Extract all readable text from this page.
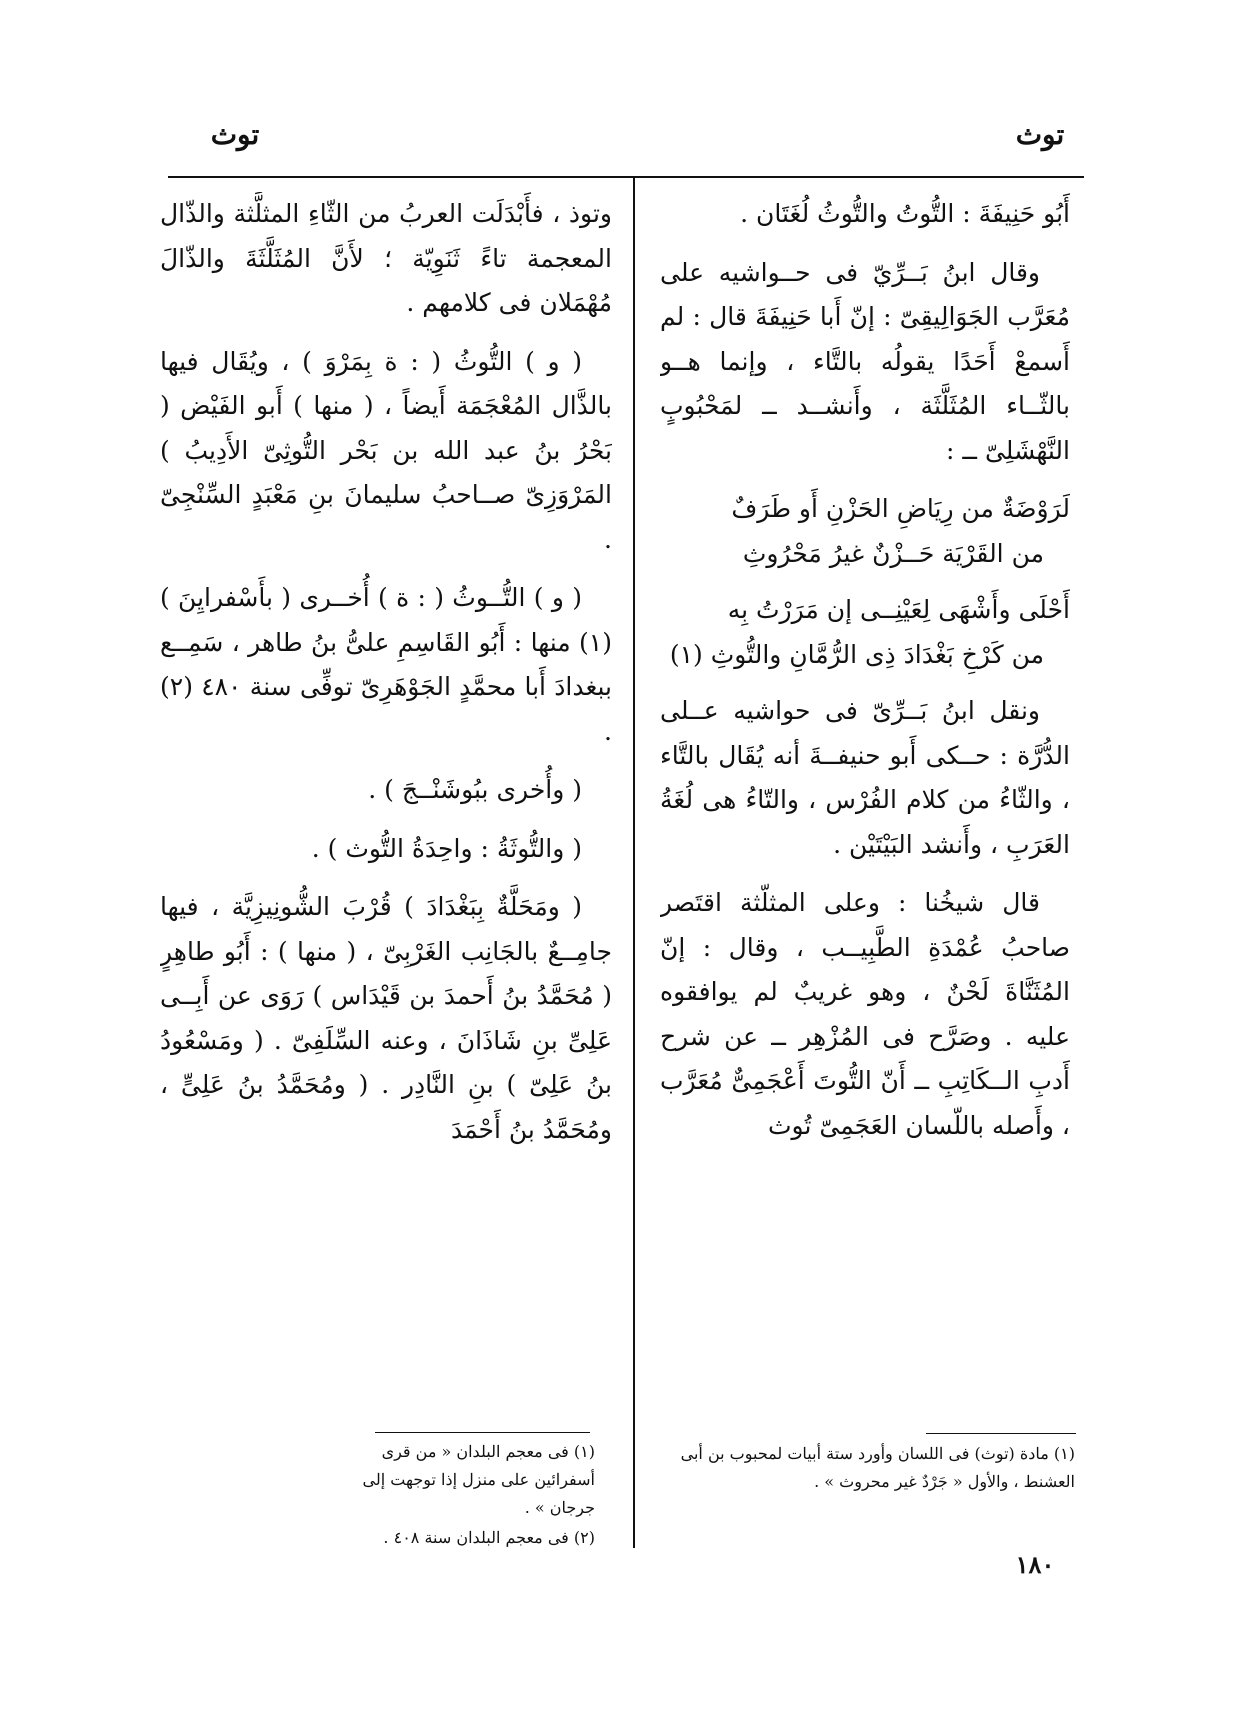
توث
توث

أَبُو حَنِيفَةَ : التُّوتُ والتُّوثُ لُغَتَان .

وقال ابنُ بَــرِّيّ فى حــواشيه على مُعَرَّب الجَوَالِيقِىّ : إنّ أَبا حَنِيفَةَ قال : لم أَسمعْ أَحَدًا يقولُه بالتَّاء ، وإنما هــو بالثّــاء المُثَلَّثَة ، وأَنشــد ــ لمَحْبُوبٍ النَّهْشَلِىّ ــ :

لَرَوْضَةٌ من رِيَاضِ الحَزْنِ أَو طَرَفٌ
من القَرْيَة حَــزْنٌ غيرُ مَحْرُوثِ
أَحْلَى وأَشْهَى لِعَيْنِــى إن مَرَرْتُ بِه
من كَرْخِ بَغْدَادَ ذِى الرُّمَّانِ والتُّوثِ (١)

ونقل ابنُ بَــرِّىّ فى حواشيه عــلى الدُّرَّة : حــكى أَبو حنيفــةَ أنه يُقَال بالتَّاء ، والثّاءُ من كلام الفُرْس ، والتّاءُ هى لُغَةُ العَرَبِ ، وأَنشد البَيْتَيْن .

قال شيخُنا : وعلى المثلّثة اقتَصر صاحبُ عُمْدَةِ الطَّبِيــب ، وقال : إنّ المُثَنَّاةَ لَحْنٌ ، وهو غريبٌ لم يوافقوه عليه . وصَرَّح فى المُزْهِر ــ عن شرح أَدبِ الــكَاتِبِ ــ أَنّ التُّوتَ أَعْجَمِىٌّ مُعَرَّب ، وأَصله باللّسان العَجَمِىّ تُوث

وتوذ ، فأَبْدَلَت العربُ من الثّاءِ المثلَّثة والذّال المعجمة تاءً ثَنَوِيّة ؛ لأَنَّ المُثَلَّثَةَ والذّالَ مُهْمَلان فى كلامهم .

( و ) التُّوثُ ( : ة بِمَرْوَ ) ، ويُقَال فيها بالذَّال المُعْجَمَة أَيضاً ، ( منها ) أَبو الفَيْض ( بَحْرُ بنُ عبد الله بن بَحْر التُّوثِىّ الأَدِيبُ ) المَرْوَزِىّ صــاحبُ سليمانَ بنِ مَعْبَدٍ السِّنْجِىّ .

( و ) التُّــوثُ ( : ة ) أُخــرى ( بأَسْفرايِنَ ) (١) منها : أَبُو القَاسِمِ علىُّ بنُ طاهر ، سَمِــع ببغدادَ أَبا محمَّدٍ الجَوْهَرِىّ توفِّى سنة ٤٨٠ (٢) .

( وأُخرى ببُوشَنْــجَ ) .

( والتُّوثَةُ : واحِدَةُ التُّوث ) .

( ومَحَلَّةٌ بِبَغْدَادَ ) قُرْبَ الشُّونِيزِيَّة ، فيها جامِــعٌ بالجَانِب الغَرْبِىّ ، ( منها ) : أَبُو طاهِرٍ ( مُحَمَّدُ بنُ أَحمدَ بن قَيْدَاس ) رَوَى عن أَبِــى عَلِىِّ بنِ شَاذَانَ ، وعنه السِّلَفِىّ . ( ومَسْعُودُ بنُ عَلِىّ ) بنِ النَّادِر . ( ومُحَمَّدُ بنُ عَلِىٍّ ، ومُحَمَّدُ بنُ أَحْمَدَ

(١) مادة (توث) فى اللسان وأورد ستة أبيات لمحبوب بن أبى العشنط ، والأول « جَرْدٌ غير محروث » .

(١) فى معجم البلدان « من قرى أسفرائين على منزل إذا توجهت إلى جرجان » .

(٢) فى معجم البلدان سنة ٤٠٨ .

١٨٠
